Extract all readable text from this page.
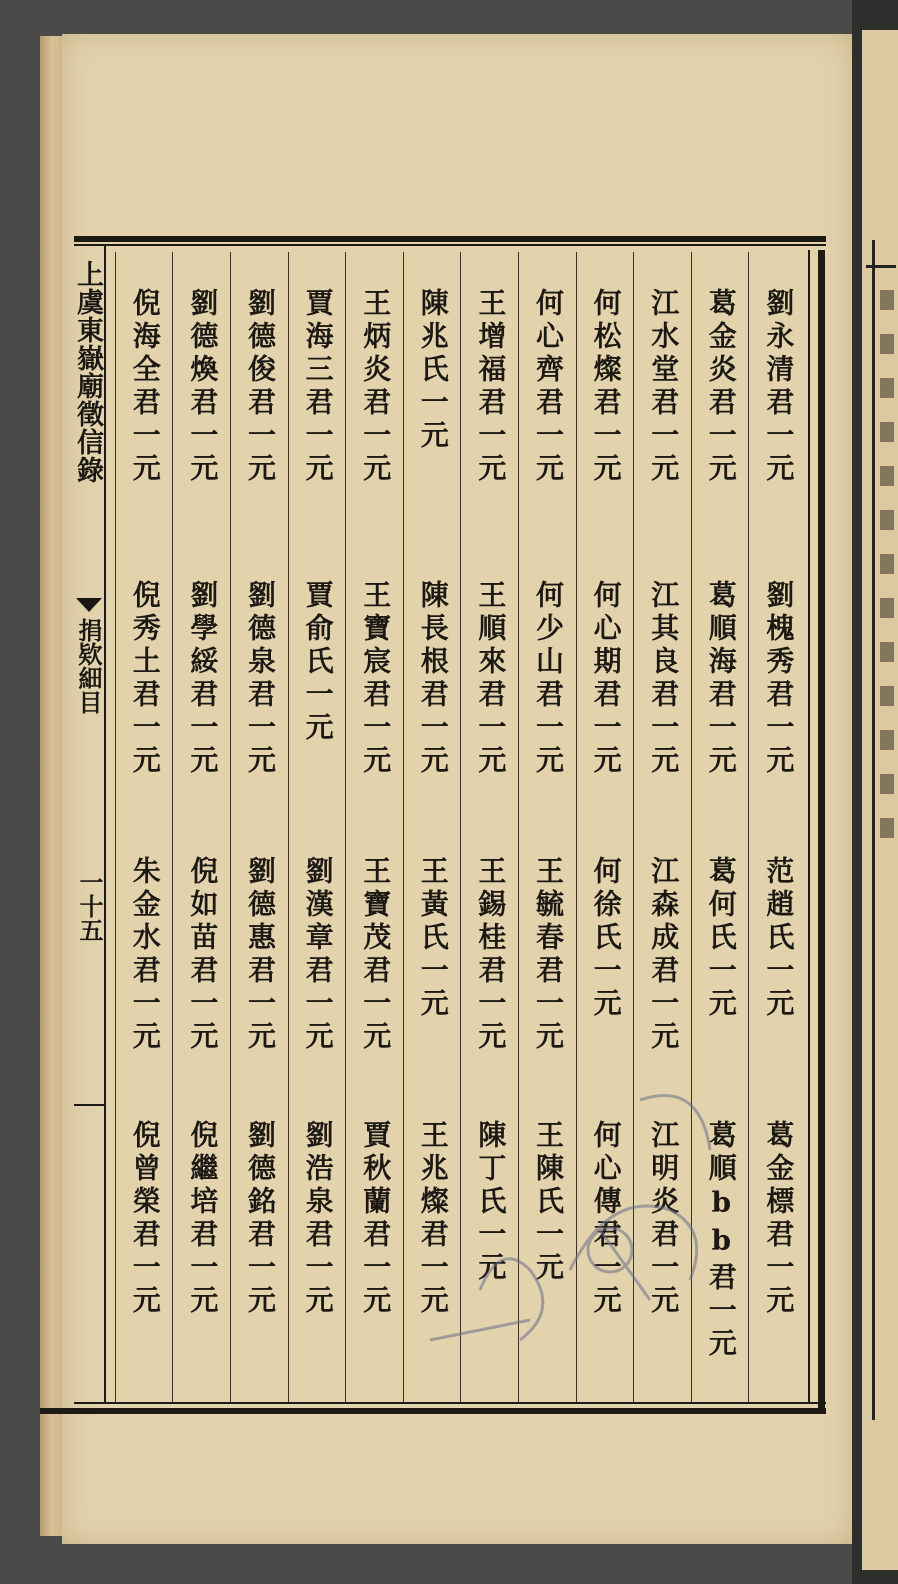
上虞東嶽廟徵信錄
捐欵細目
一十五
劉永清君一元
劉槐秀君一元
范趙氏一元
葛金標君一元
葛金炎君一元
葛順海君一元
葛何氏一元
葛順bb君一元
江水堂君一元
江其良君一元
江森成君一元
江明炎君一元
何松燦君一元
何心期君一元
何徐氏一元
何心傳君一元
何心齊君一元
何少山君一元
王毓春君一元
王陳氏一元
王增福君一元
王順來君一元
王錫桂君一元
陳丁氏一元
陳兆氏一元
陳長根君一元
王黃氏一元
王兆燦君一元
王炳炎君一元
王寶宸君一元
王寶茂君一元
賈秋蘭君一元
賈海三君一元
賈俞氏一元
劉漢章君一元
劉浩泉君一元
劉德俊君一元
劉德泉君一元
劉德惠君一元
劉德銘君一元
劉德煥君一元
劉學綏君一元
倪如苗君一元
倪繼培君一元
倪海全君一元
倪秀土君一元
朱金水君一元
倪曾榮君一元
